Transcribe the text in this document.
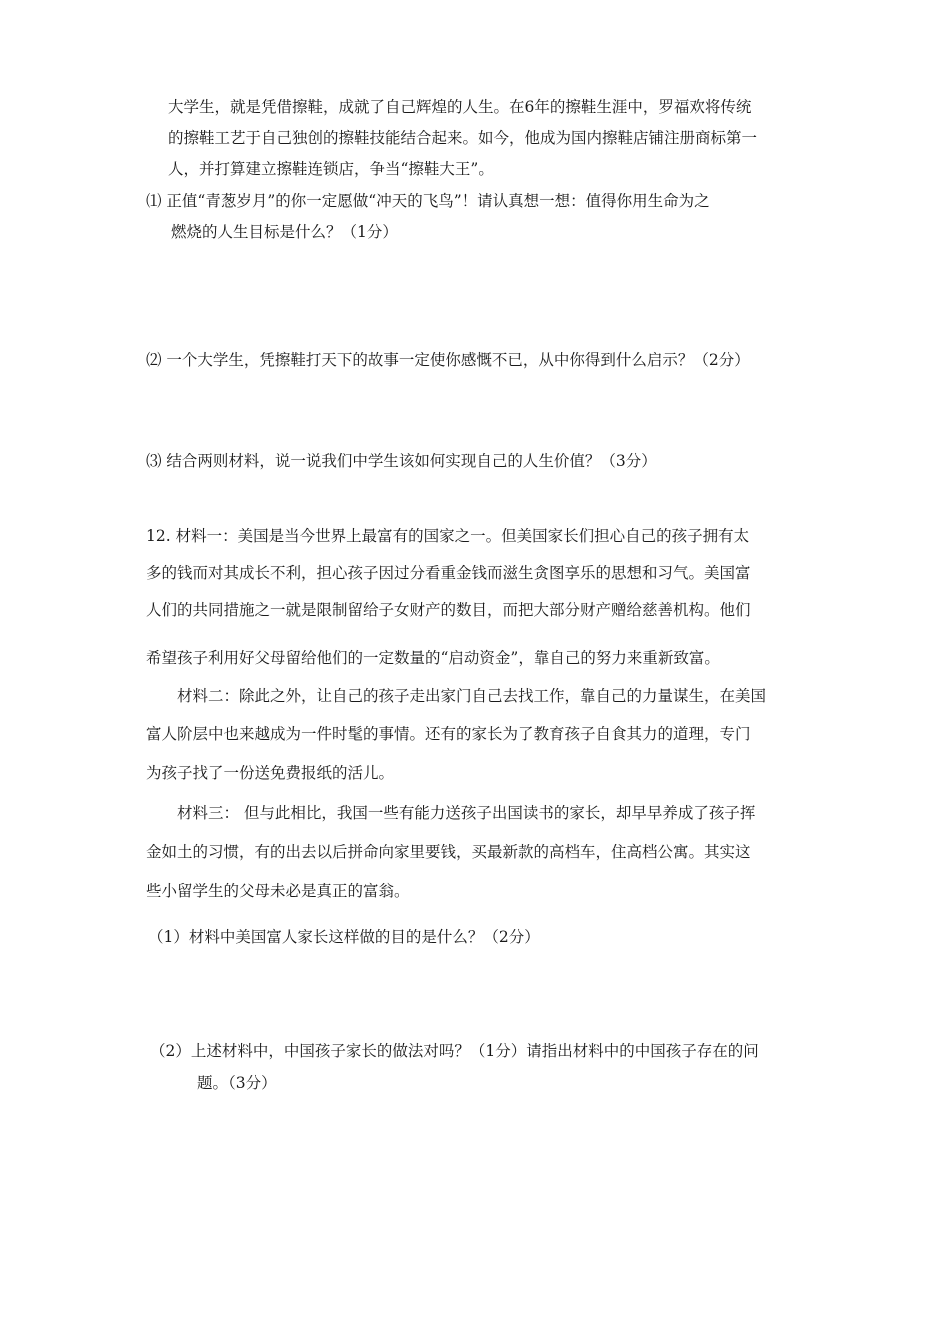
大学生，就是凭借擦鞋，成就了自己辉煌的人生。在6年的擦鞋生涯中，罗福欢将传统
的擦鞋工艺于自己独创的擦鞋技能结合起来。如今，他成为国内擦鞋店铺注册商标第一
人，并打算建立擦鞋连锁店，争当“擦鞋大王”。
⑴ 正值“青葱岁月”的你一定愿做“冲天的飞鸟”！请认真想一想：值得你用生命为之
燃烧的人生目标是什么？（1分）
⑵ 一个大学生，凭擦鞋打天下的故事一定使你感慨不已，从中你得到什么启示？（2分）
⑶ 结合两则材料，说一说我们中学生该如何实现自己的人生价值？（3分）
12. 材料一：美国是当今世界上最富有的国家之一。但美国家长们担心自己的孩子拥有太
多的钱而对其成长不利，担心孩子因过分看重金钱而滋生贪图享乐的思想和习气。美国富
人们的共同措施之一就是限制留给子女财产的数目，而把大部分财产赠给慈善机构。他们
希望孩子利用好父母留给他们的一定数量的“启动资金”，靠自己的努力来重新致富。
材料二：除此之外，让自己的孩子走出家门自己去找工作，靠自己的力量谋生，在美国
富人阶层中也来越成为一件时髦的事情。还有的家长为了教育孩子自食其力的道理，专门
为孩子找了一份送免费报纸的活儿。
材料三： 但与此相比，我国一些有能力送孩子出国读书的家长，却早早养成了孩子挥
金如土的习惯，有的出去以后拼命向家里要钱，买最新款的高档车，住高档公寓。其实这
些小留学生的父母未必是真正的富翁。
（1）材料中美国富人家长这样做的目的是什么？（2分）
（2）上述材料中，中国孩子家长的做法对吗？（1分）请指出材料中的中国孩子存在的问
题。（3分）
